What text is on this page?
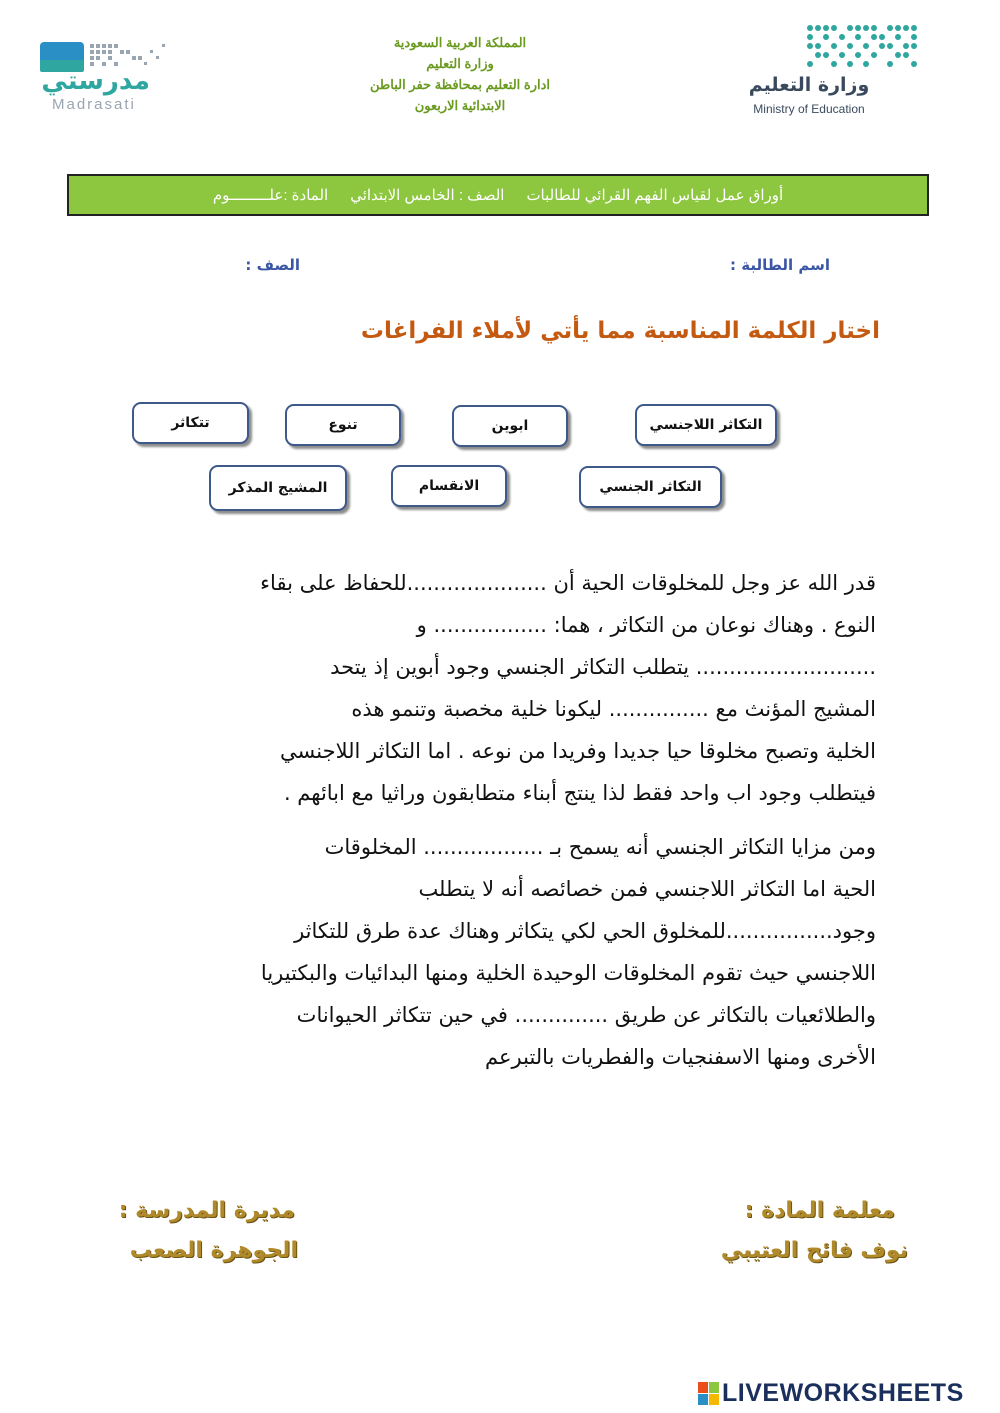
مدرستي
Madrasati
المملكة العربية السعودية
وزارة التعليم
ادارة التعليم بمحافظة حفر الباطن
الابتدائية الاربعون
وزارة التعليم
Ministry of Education
أوراق عمل لقياس الفهم القرائي للطالبات
الصف : الخامس الابتدائي
المادة :علـــــــــوم
اسم الطالبة :
الصف :
اختار الكلمة المناسبة مما يأتي لأملاء الفراغات
التكاثر اللاجنسي
ابوين
تنوع
تتكاثر
التكاثر الجنسي
الانقسام
المشيج المذكر
قدر الله عز وجل للمخلوقات الحية أن .....................للحفاظ على بقاء
النوع . وهناك نوعان من التكاثر ، هما: ................. و
........................... يتطلب التكاثر الجنسي وجود أبوين إذ يتحد
المشيج المؤنث مع ............... ليكونا خلية مخصبة وتنمو هذه
الخلية وتصبح مخلوقا حيا جديدا وفريدا من نوعه . اما التكاثر اللاجنسي
فيتطلب وجود اب واحد فقط لذا ينتج أبناء متطابقون وراثيا مع ابائهم .
ومن مزايا التكاثر الجنسي أنه يسمح بـ .................. المخلوقات
الحية اما التكاثر اللاجنسي فمن خصائصه أنه لا يتطلب
وجود................للمخلوق الحي لكي يتكاثر وهناك عدة طرق للتكاثر
اللاجنسي حيث تقوم المخلوقات الوحيدة الخلية ومنها البدائيات والبكتيريا
والطلائعيات بالتكاثر عن طريق .............. في حين تتكاثر الحيوانات
الأخرى ومنها الاسفنجيات والفطريات بالتبرعم
معلمة المادة :
نوف فائح العتيبي
مديرة المدرسة :
الجوهرة الصعب
LIVEWORKSHEETS
